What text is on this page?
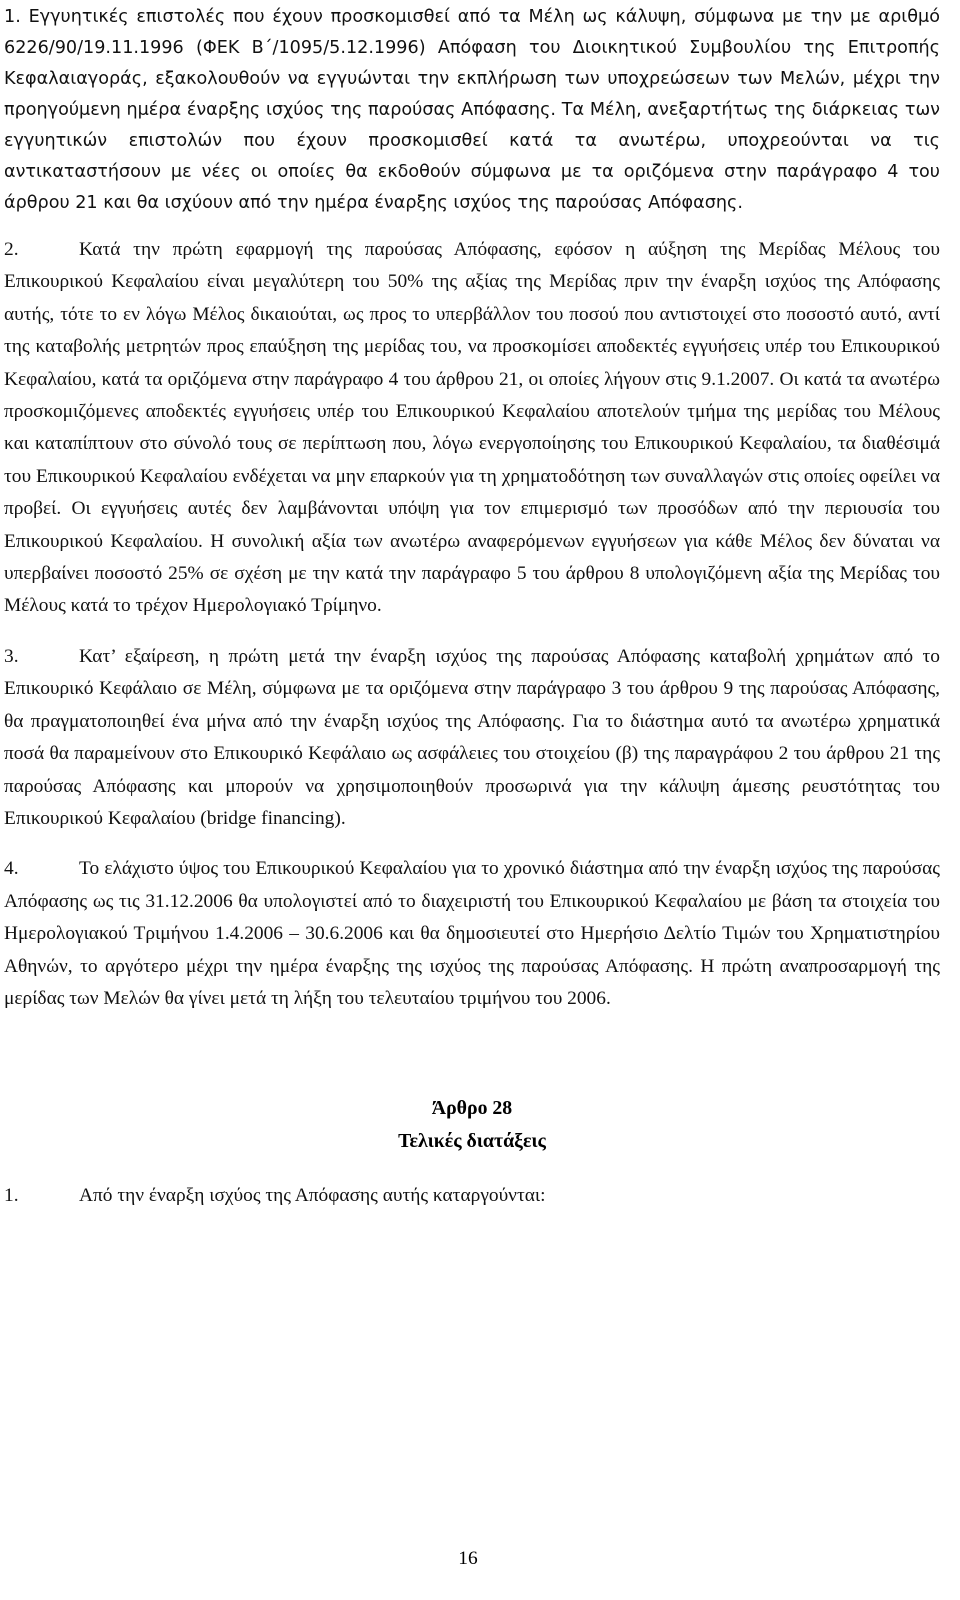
1. Εγγυητικές επιστολές που έχουν προσκομισθεί από τα Μέλη ως κάλυψη, σύμφωνα με την με αριθμό 6226/90/19.11.1996 (ΦΕΚ Β΄/1095/5.12.1996) Απόφαση του Διοικητικού Συμβουλίου της Επιτροπής Κεφαλαιαγοράς, εξακολουθούν να εγγυώνται την εκπλήρωση των υποχρεώσεων των Μελών, μέχρι την προηγούμενη ημέρα έναρξης ισχύος της παρούσας Απόφασης. Τα Μέλη, ανεξαρτήτως της διάρκειας των εγγυητικών επιστολών που έχουν προσκομισθεί κατά τα ανωτέρω, υποχρεούνται να τις αντικαταστήσουν με νέες οι οποίες θα εκδοθούν σύμφωνα με τα οριζόμενα στην παράγραφο 4 του άρθρου 21 και θα ισχύουν από την ημέρα έναρξης ισχύος της παρούσας Απόφασης.

2.	Κατά την πρώτη εφαρμογή της παρούσας Απόφασης, εφόσον η αύξηση της Μερίδας Μέλους του Επικουρικού Κεφαλαίου είναι μεγαλύτερη του 50% της αξίας της Μερίδας πριν την έναρξη ισχύος της Απόφασης αυτής, τότε το εν λόγω Μέλος δικαιούται, ως προς το υπερβάλλον του ποσού που αντιστοιχεί στο ποσοστό αυτό, αντί της καταβολής μετρητών προς επαύξηση της μερίδας του, να προσκομίσει αποδεκτές εγγυήσεις υπέρ του Επικουρικού Κεφαλαίου, κατά τα οριζόμενα στην παράγραφο 4 του άρθρου 21, οι οποίες λήγουν στις 9.1.2007. Οι κατά τα ανωτέρω προσκομιζόμενες αποδεκτές εγγυήσεις υπέρ του Επικουρικού Κεφαλαίου αποτελούν τμήμα της μερίδας του Μέλους και καταπίπτουν στο σύνολό τους σε περίπτωση που, λόγω ενεργοποίησης του Επικουρικού Κεφαλαίου, τα διαθέσιμά του Επικουρικού Κεφαλαίου ενδέχεται να μην επαρκούν για τη χρηματοδότηση των συναλλαγών στις οποίες οφείλει να προβεί. Οι εγγυήσεις αυτές δεν λαμβάνονται υπόψη για τον επιμερισμό των προσόδων από την περιουσία του Επικουρικού Κεφαλαίου. Η συνολική αξία των ανωτέρω αναφερόμενων εγγυήσεων για κάθε Μέλος δεν δύναται να υπερβαίνει ποσοστό 25% σε σχέση με την κατά την παράγραφο 5 του άρθρου 8 υπολογιζόμενη αξία της Μερίδας του Μέλους κατά το τρέχον Ημερολογιακό Τρίμηνο.

3.	Κατ’ εξαίρεση, η πρώτη μετά την έναρξη ισχύος της παρούσας Απόφασης καταβολή χρημάτων από το Επικουρικό Κεφάλαιο σε Μέλη, σύμφωνα με τα οριζόμενα στην παράγραφο 3 του άρθρου 9 της παρούσας Απόφασης, θα πραγματοποιηθεί ένα μήνα από την έναρξη ισχύος της Απόφασης. Για το διάστημα αυτό τα ανωτέρω χρηματικά ποσά θα παραμείνουν στο Επικουρικό Κεφάλαιο ως ασφάλειες του στοιχείου (β) της παραγράφου 2 του άρθρου 21 της παρούσας Απόφασης και μπορούν να χρησιμοποιηθούν προσωρινά για την κάλυψη άμεσης ρευστότητας του Επικουρικού Κεφαλαίου (bridge financing).

4.	Το ελάχιστο ύψος του Επικουρικού Κεφαλαίου για το χρονικό διάστημα από την έναρξη ισχύος της παρούσας Απόφασης ως τις 31.12.2006 θα υπολογιστεί από το διαχειριστή του Επικουρικού Κεφαλαίου με βάση τα στοιχεία του Ημερολογιακού Τριμήνου 1.4.2006 – 30.6.2006 και θα δημοσιευτεί στο Ημερήσιο Δελτίο Τιμών του Χρηματιστηρίου Αθηνών, το αργότερο μέχρι την ημέρα έναρξης της ισχύος της παρούσας Απόφασης. Η πρώτη αναπροσαρμογή της μερίδας των Μελών θα γίνει μετά τη λήξη του τελευταίου τριμήνου του 2006.

Άρθρο 28

Τελικές διατάξεις

1.	Από την έναρξη ισχύος της Απόφασης αυτής καταργούνται:

16
